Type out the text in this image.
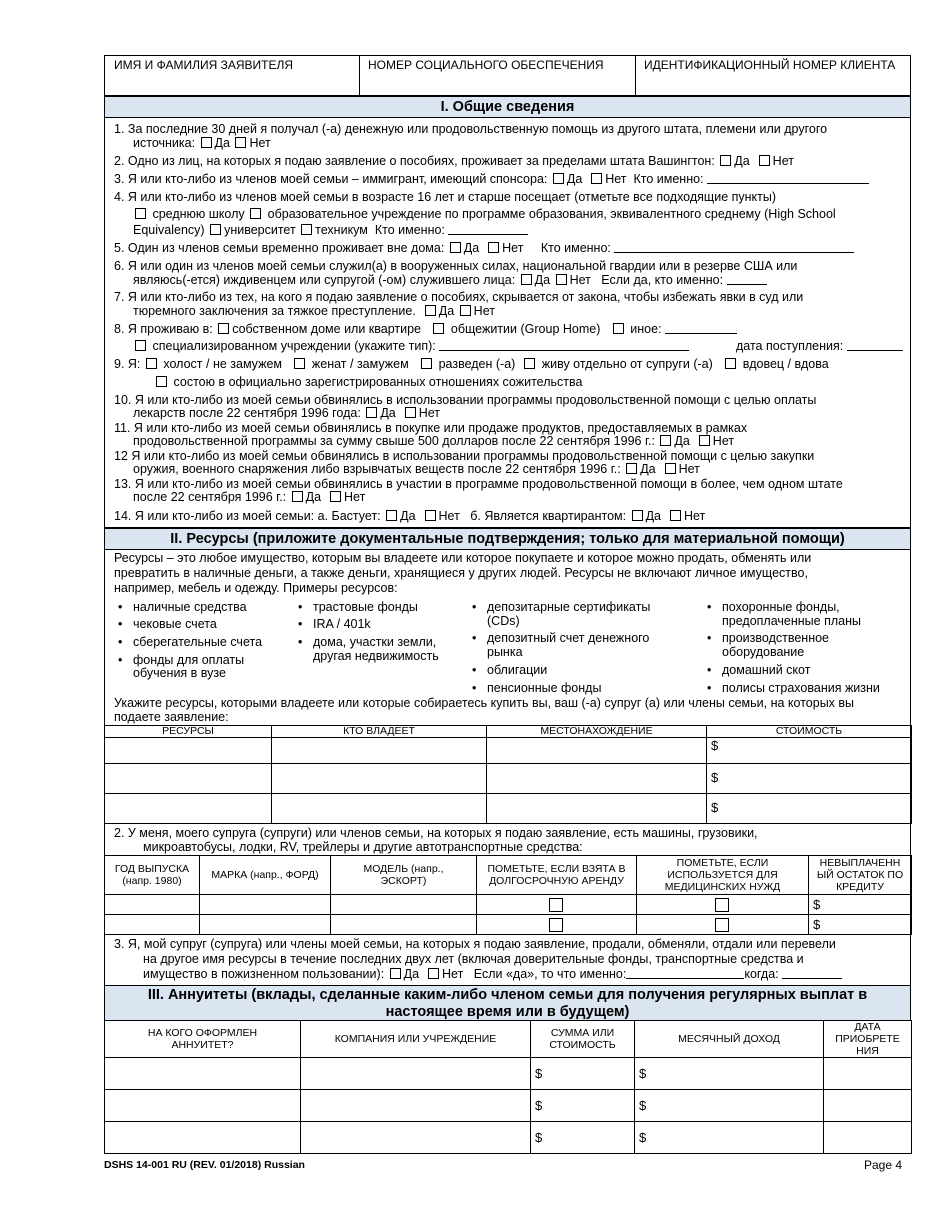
ИМЯ И ФАМИЛИЯ ЗАЯВИТЕЛЯ	НОМЕР СОЦИАЛЬНОГО ОБЕСПЕЧЕНИЯ	ИДЕНТИФИКАЦИОННЫЙ НОМЕР КЛИЕНТА
I. Общие сведения
1. За последние 30 дней я получал (-а) денежную или продовольственную помощь из другого штата, племени или другого
источника: Да Нет
2. Одно из лиц, на которых я подаю заявление о пособиях, проживает за пределами штата Вашингтон: Да Нет
3. Я или кто-либо из членов моей семьи – иммигрант, имеющий спонсора: Да Нет Кто именно:
4. Я или кто-либо из членов моей семьи в возрасте 16 лет и старше посещает (отметьте все подходящие пункты)
среднюю школу образовательное учреждение по программе образования, эквивалентного среднему (High School
Equivalency) университет техникум Кто именно:
5. Один из членов семьи временно проживает вне дома: Да Нет Кто именно:
6. Я или один из членов моей семьи служил(а) в вооруженных силах, национальной гвардии или в резерве США или
являюсь(-ется) иждивенцем или супругой (-ом) служившего лица: Да Нет Если да, кто именно:
7. Я или кто-либо из тех, на кого я подаю заявление о пособиях, скрывается от закона, чтобы избежать явки в суд или
тюремного заключения за тяжкое преступление. Да Нет
8. Я проживаю в: собственном доме или квартире общежитии (Group Home) иное:
специализированном учреждении (укажите тип):	дата поступления:
9. Я: холост / не замужем женат / замужем разведен (-а) живу отдельно от супруги (-а) вдовец / вдова
состою в официально зарегистрированных отношениях сожительства
10. Я или кто-либо из моей семьи обвинялись в использовании программы продовольственной помощи с целью оплаты
лекарств после 22 сентября 1996 года: Да Нет
11. Я или кто-либо из моей семьи обвинялись в покупке или продаже продуктов, предоставляемых в рамках
продовольственной программы за сумму свыше 500 долларов после 22 сентября 1996 г.: Да Нет
12 Я или кто-либо из моей семьи обвинялись в использовании программы продовольственной помощи с целью закупки
оружия, военного снаряжения либо взрывчатых веществ после 22 сентября 1996 г.: Да Нет
13. Я или кто-либо из моей семьи обвинялись в участии в программе продовольственной помощи в более, чем одном штате
после 22 сентября 1996 г.: Да Нет
14. Я или кто-либо из моей семьи: а. Бастует: Да Нет б. Является квартирантом: Да Нет
II. Ресурсы (приложите документальные подтверждения; только для материальной помощи)
Ресурсы – это любое имущество, которым вы владеете или которое покупаете и которое можно продать, обменять или
превратить в наличные деньги, а также деньги, хранящиеся у других людей. Ресурсы не включают личное имущество,
например, мебель и одежду. Примеры ресурсов:
• наличные средства
• чековые счета
• сберегательные счета
• фонды для оплаты
обучения в вузе
• трастовые фонды
• IRA / 401k
• дома, участки земли,
другая недвижимость
• депозитарные сертификаты
(CDs)
• депозитный счет денежного
рынка
• облигации
• пенсионные фонды
• похоронные фонды,
предоплаченные планы
• производственное
оборудование
• домашний скот
• полисы страхования жизни
Укажите ресурсы, которыми владеете или которые собираетесь купить вы, ваш (-а) супруг (а) или члены семьи, на которых вы
подаете заявление:
РЕСУРСЫ	КТО ВЛАДЕЕТ	МЕСТОНАХОЖДЕНИЕ	СТОИМОСТЬ
			$
			$
			$
2. У меня, моего супруга (супруги) или членов семьи, на которых я подаю заявление, есть машины, грузовики,
микроавтобусы, лодки, RV, трейлеры и другие автотранспортные средства:
ГОД ВЫПУСКА (напр. 1980)	МАРКА (напр., ФОРД)	МОДЕЛЬ (напр., ЭСКОРТ)	ПОМЕТЬТЕ, ЕСЛИ ВЗЯТА В ДОЛГОСРОЧНУЮ АРЕНДУ	ПОМЕТЬТЕ, ЕСЛИ ИСПОЛЬЗУЕТСЯ ДЛЯ МЕДИЦИНСКИХ НУЖД	НЕВЫПЛАЧЕНН ЫЙ ОСТАТОК ПО КРЕДИТУ
					$
					$
3. Я, мой супруг (супруга) или члены моей семьи, на которых я подаю заявление, продали, обменяли, отдали или перевели
на другое имя ресурсы в течение последних двух лет (включая доверительные фонды, транспортные средства и
имущество в пожизненном пользовании): Да Нет Если «да», то что именно:	когда:
III. Аннуитеты (вклады, сделанные каким-либо членом семьи для получения регулярных выплат в
настоящее время или в будущем)
НА КОГО ОФОРМЛЕН АННУИТЕТ?	КОМПАНИЯ ИЛИ УЧРЕЖДЕНИЕ	СУММА ИЛИ СТОИМОСТЬ	МЕСЯЧНЫЙ ДОХОД	ДАТА ПРИОБРЕТЕ НИЯ
		$	$	
		$	$	
		$	$	
DSHS 14-001 RU (REV. 01/2018) Russian	Page 4
